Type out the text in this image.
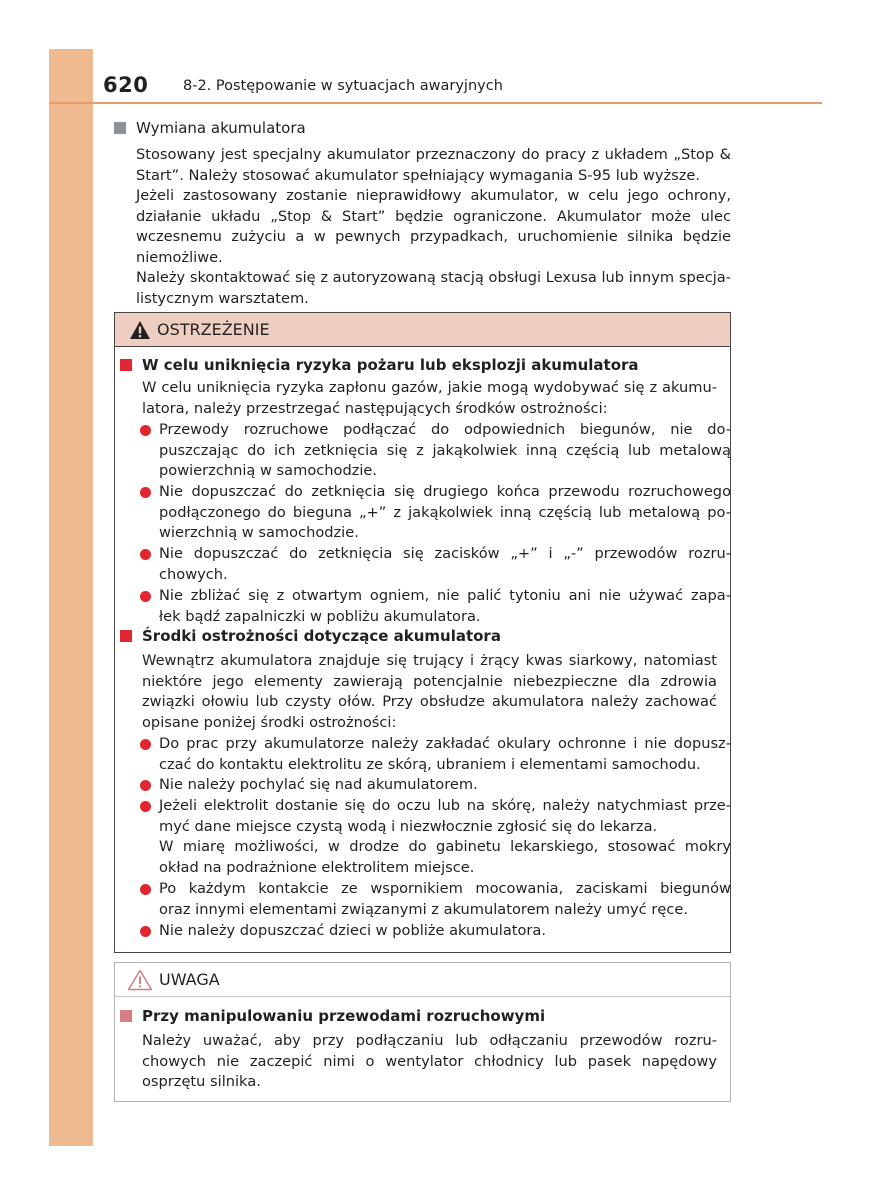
620 8-2. Postępowanie w sytuacjach awaryjnych
Wymiana akumulatora
Stosowany jest specjalny akumulator przeznaczony do pracy z układem „Stop &
Start”. Należy stosować akumulator spełniający wymagania S-95 lub wyższe.
Jeżeli zastosowany zostanie nieprawidłowy akumulator, w celu jego ochrony,
działanie układu „Stop & Start” będzie ograniczone. Akumulator może ulec
wczesnemu zużyciu a w pewnych przypadkach, uruchomienie silnika będzie
niemożliwe.
Należy skontaktować się z autoryzowaną stacją obsługi Lexusa lub innym specja-
listycznym warsztatem.
OSTRZEŻENIE
W celu uniknięcia ryzyka pożaru lub eksplozji akumulatora
W celu uniknięcia ryzyka zapłonu gazów, jakie mogą wydobywać się z akumu-
latora, należy przestrzegać następujących środków ostrożności:
Przewody rozruchowe podłączać do odpowiednich biegunów, nie do-
puszczając do ich zetknięcia się z jakąkolwiek inną częścią lub metalową
powierzchnią w samochodzie.
Nie dopuszczać do zetknięcia się drugiego końca przewodu rozruchowego
podłączonego do bieguna „+” z jakąkolwiek inną częścią lub metalową po-
wierzchnią w samochodzie.
Nie dopuszczać do zetknięcia się zacisków „+” i „-” przewodów rozru-
chowych.
Nie zbliżać się z otwartym ogniem, nie palić tytoniu ani nie używać zapa-
łek bądź zapalniczki w pobliżu akumulatora.
Środki ostrożności dotyczące akumulatora
Wewnątrz akumulatora znajduje się trujący i żrący kwas siarkowy, natomiast
niektóre jego elementy zawierają potencjalnie niebezpieczne dla zdrowia
związki ołowiu lub czysty ołów. Przy obsłudze akumulatora należy zachować
opisane poniżej środki ostrożności:
Do prac przy akumulatorze należy zakładać okulary ochronne i nie dopusz-
czać do kontaktu elektrolitu ze skórą, ubraniem i elementami samochodu.
Nie należy pochylać się nad akumulatorem.
Jeżeli elektrolit dostanie się do oczu lub na skórę, należy natychmiast prze-
myć dane miejsce czystą wodą i niezwłocznie zgłosić się do lekarza.
W miarę możliwości, w drodze do gabinetu lekarskiego, stosować mokry
okład na podrażnione elektrolitem miejsce.
Po każdym kontakcie ze wspornikiem mocowania, zaciskami biegunów
oraz innymi elementami związanymi z akumulatorem należy umyć ręce.
Nie należy dopuszczać dzieci w pobliże akumulatora.
UWAGA
Przy manipulowaniu przewodami rozruchowymi
Należy uważać, aby przy podłączaniu lub odłączaniu przewodów rozru-
chowych nie zaczepić nimi o wentylator chłodnicy lub pasek napędowy
osprzętu silnika.
